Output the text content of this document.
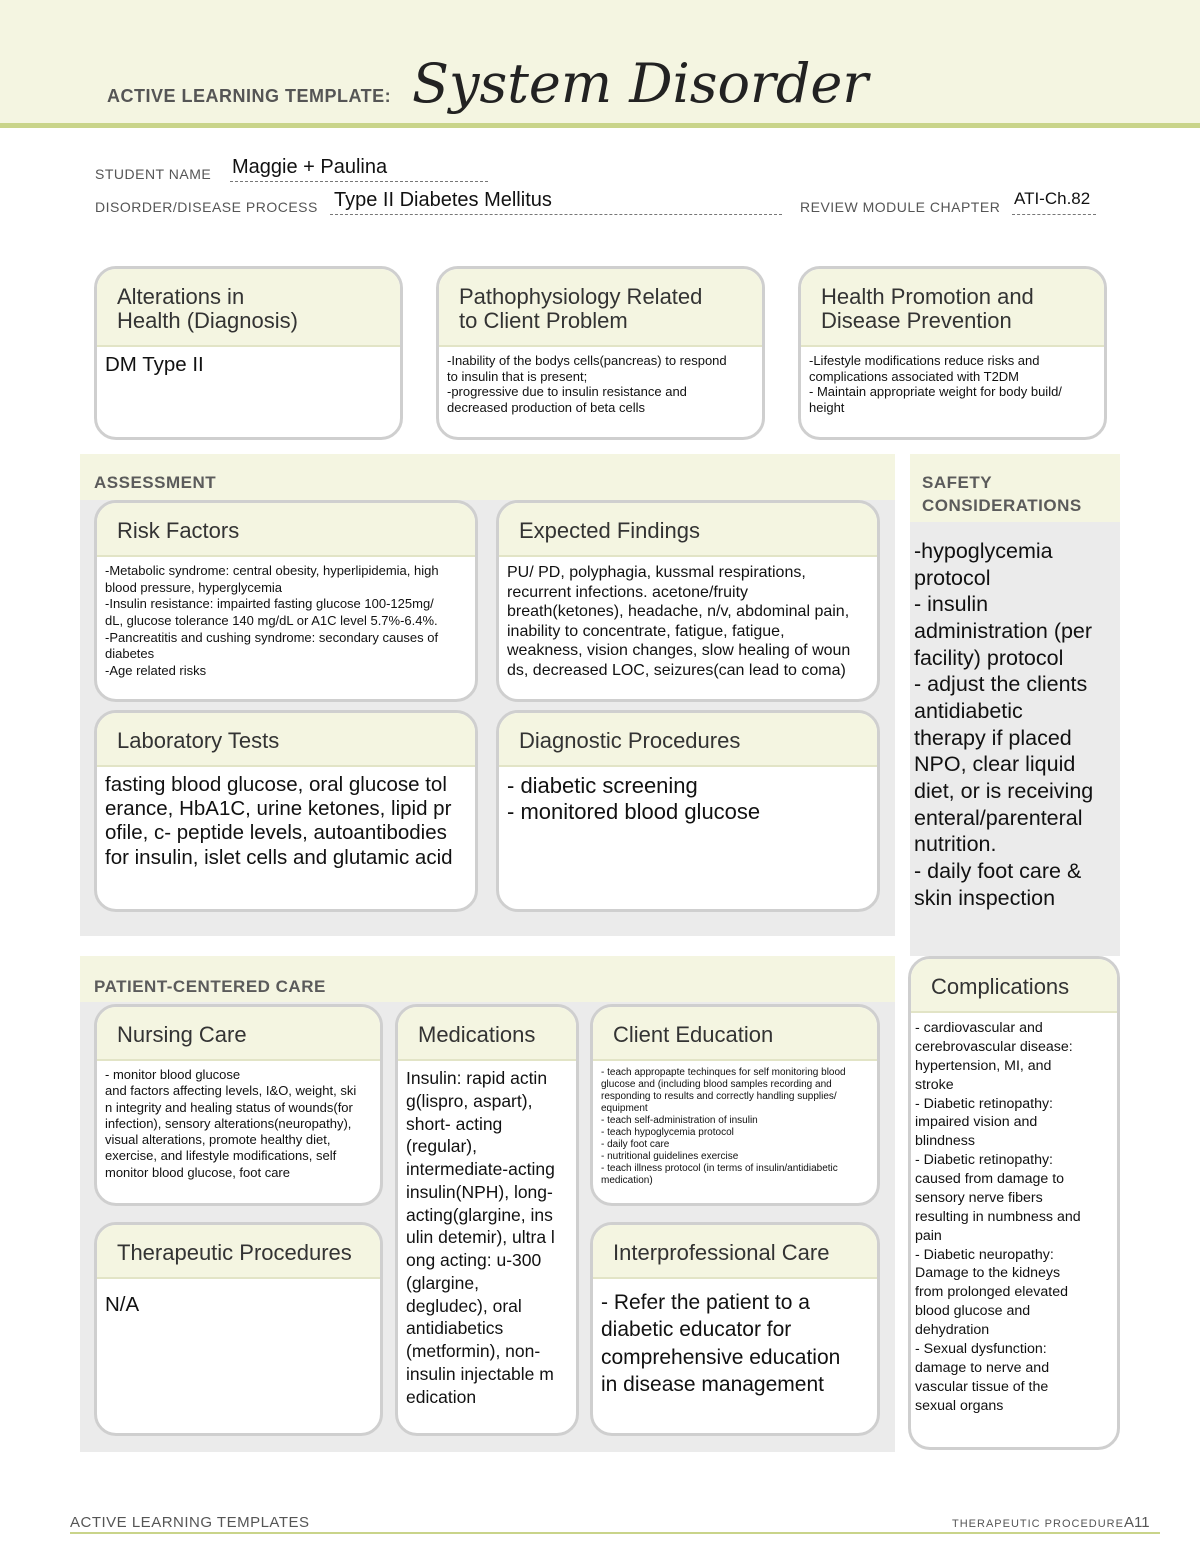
ACTIVE LEARNING TEMPLATE: System Disorder
STUDENT NAME Maggie + Paulina
DISORDER/DISEASE PROCESS Type II Diabetes Mellitus	REVIEW MODULE CHAPTER ATI-Ch.82
Alterations in
Health (Diagnosis)
DM Type II
Pathophysiology Related
to Client Problem
-Inability of the bodys cells(pancreas) to respond
to insulin that is present;
-progressive due to insulin resistance and
decreased production of beta cells
Health Promotion and
Disease Prevention
-Lifestyle modifications reduce risks and
complications associated with T2DM
- Maintain appropriate weight for body build/
height
ASSESSMENT
Risk Factors
-Metabolic syndrome: central obesity, hyperlipidemia, high
blood pressure, hyperglycemia
-Insulin resistance: impairted fasting glucose 100-125mg/
dL, glucose tolerance 140 mg/dL or A1C level 5.7%-6.4%.
-Pancreatitis and cushing syndrome: secondary causes of
diabetes
-Age related risks
Expected Findings
PU/ PD, polyphagia, kussmal respirations,
recurrent infections. acetone/fruity
breath(ketones), headache, n/v, abdominal pain,
inability to concentrate, fatigue, fatigue,
weakness, vision changes, slow healing of woun
ds, decreased LOC, seizures(can lead to coma)
Laboratory Tests
fasting blood glucose, oral glucose tol
erance, HbA1C, urine ketones, lipid pr
ofile, c- peptide levels, autoantibodies
for insulin, islet cells and glutamic acid
Diagnostic Procedures
- diabetic screening
- monitored blood glucose
SAFETY
CONSIDERATIONS
-hypoglycemia
protocol
- insulin
administration (per
facility) protocol
- adjust the clients
antidiabetic
therapy if placed
NPO, clear liquid
diet, or is receiving
enteral/parenteral
nutrition.
- daily foot care &
skin inspection
PATIENT-CENTERED CARE
Nursing Care
- monitor blood glucose
and factors affecting levels, I&O, weight, ski
n integrity and healing status of wounds(for
infection), sensory alterations(neuropathy),
visual alterations, promote healthy diet,
exercise, and lifestyle modifications, self
monitor blood glucose, foot care
Medications
Insulin: rapid actin
g(lispro, aspart),
short- acting
(regular),
intermediate-acting
insulin(NPH), long-
acting(glargine, ins
ulin detemir), ultra l
ong acting: u-300
(glargine,
degludec), oral
antidiabetics
(metformin), non-
insulin injectable m
edication
Client Education
- teach appropapte techinques for self monitoring blood
glucose and (including blood samples recording and
responding to results and correctly handling supplies/
equipment
- teach self-administration of insulin
- teach hypoglycemia protocol
- daily foot care
- nutritional guidelines exercise
- teach illness protocol (in terms of insulin/antidiabetic
medication)
Therapeutic Procedures
N/A
Interprofessional Care
- Refer the patient to a
diabetic educator for
comprehensive education
in disease management
Complications
- cardiovascular and
cerebrovascular disease:
hypertension, MI, and
stroke
- Diabetic retinopathy:
impaired vision and
blindness
- Diabetic retinopathy:
caused from damage to
sensory nerve fibers
resulting in numbness and
pain
- Diabetic neuropathy:
Damage to the kidneys
from prolonged elevated
blood glucose and
dehydration
- Sexual dysfunction:
damage to nerve and
vascular tissue of the
sexual organs
ACTIVE LEARNING TEMPLATES	THERAPEUTIC PROCEDURE A11
